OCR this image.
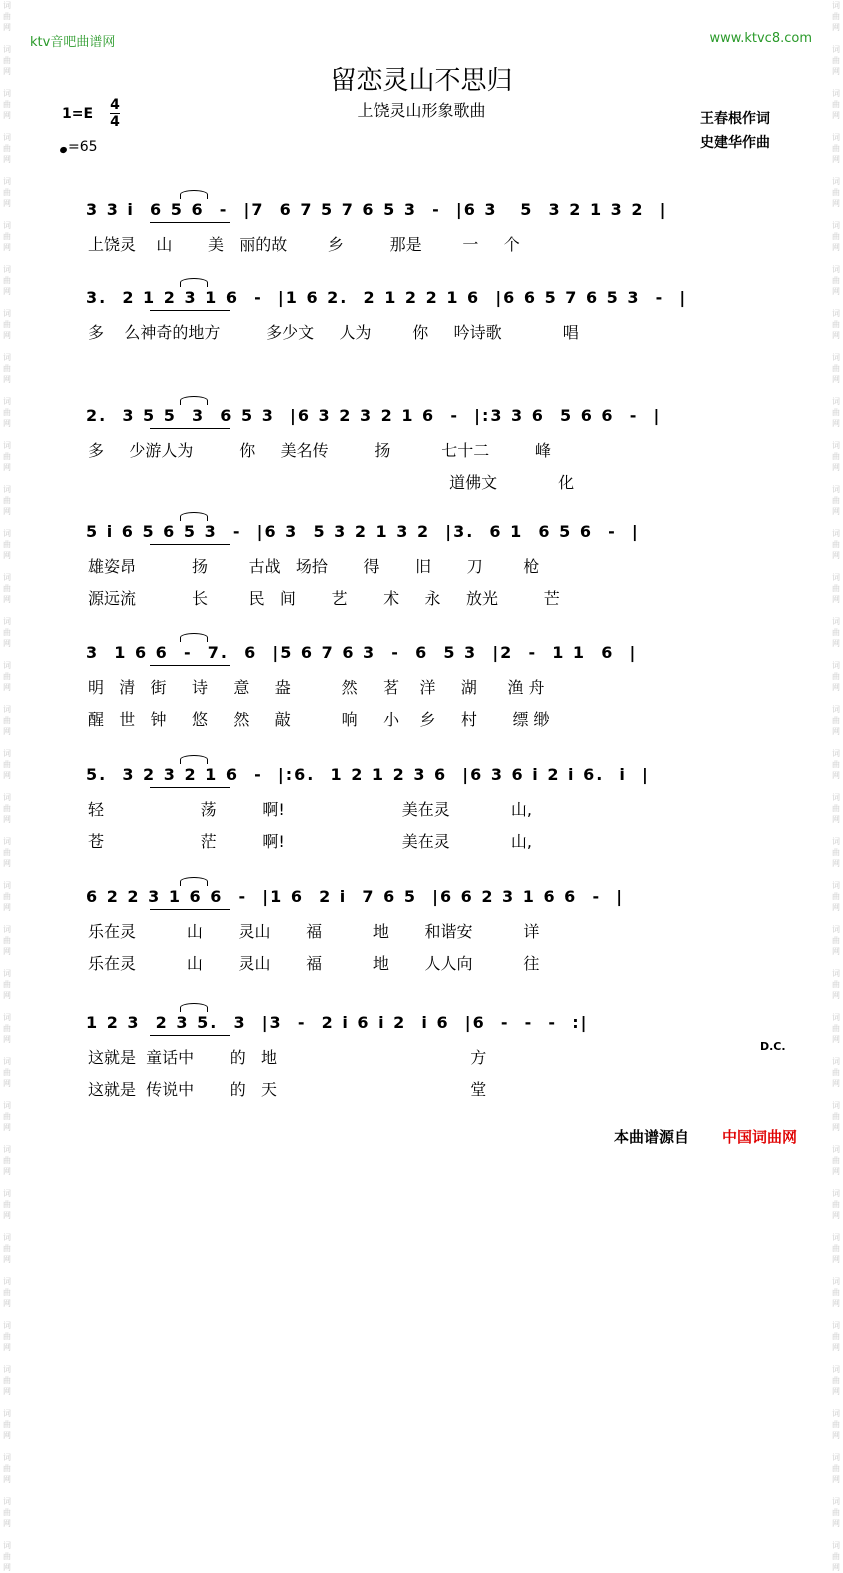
词
曲
网

词
曲
网

词
曲
网

词
曲
网

词
曲
网

词
曲
网

词
曲
网

词
曲
网

词
曲
网

词
曲
网

词
曲
网

词
曲
网

词
曲
网

词
曲
网

词
曲
网

词
曲
网

词
曲
网

词
曲
网

词
曲
网

词
曲
网

词
曲
网

词
曲
网

词
曲
网

词
曲
网

词
曲
网

词
曲
网

词
曲
网

词
曲
网

词
曲
网

词
曲
网

词
曲
网

词
曲
网

词
曲
网

词
曲
网

词
曲
网

词
曲
网

词
曲
网

词
曲
网

词
曲
网

词
曲
网

词
曲
网

词
曲
网

词
曲
网

词
曲
网

词
曲
网

词
曲
网

词
曲
网

词
曲
网

词
曲
网

词
曲
网

词
曲
网

词
曲
网

词
曲
网

词
曲
网

词
曲
网

词
曲
网

词
曲
网

词
曲
网

词
曲
网

词
曲
网

词
曲
网

词
曲
网

词
曲
网

词
曲
网

词
曲
网

词
曲
网

词
曲
网

词
曲
网

词
曲
网

词
曲
网

词
曲
网

词
曲
网

ktv音吧曲谱网	www.ktvc8.com
留恋灵山不思归
上饶灵山形象歌曲
1=E
4
4
=65
王春根作词
史建华作曲
3 3 i  6 5 6  -  |7  6 7 5 7 6 5 3  -  |6 3   5  3 2 1 3 2  |
上饶灵    山       美   丽的故        乡         那是        一     个
3.  2 1 2 3 1 6  -  |1 6 2.  2 1 2 2 1 6  |6 6 5 7 6 5 3  -  |
多    么神奇的地方         多少文     人为        你     吟诗歌            唱
2.  3 5 5  3  6 5 3  |6 3 2 3 2 1 6  -  |:3 3 6  5 6 6  -  |
多     少游人为         你     美名传         扬          七十二         峰
道佛文            化
5 i 6 5 6 5 3  -  |6 3  5 3 2 1 3 2  |3.  6 1  6 5 6  -  |
雄姿昂           扬        古战   场拾       得       旧       刀        枪
源远流           长        民   间       艺       术     永     放光         芒
3  1 6 6  -  7.  6  |5 6 7 6 3  -  6  5 3  |2  -  1 1  6  |
明   清   街     诗     意     盎          然     茗    洋     湖      渔 舟
醒   世   钟     悠     然     敲          响     小    乡     村       缥 缈
5.  3 2 3 2 1 6  -  |:6.  1 2 1 2 3 6  |6 3 6 i 2 i 6.  i  |
轻                   荡         啊!                       美在灵            山,
苍                   茫         啊!                       美在灵            山,
6 2 2 3 1 6 6  -  |1 6  2 i  7 6 5  |6 6 2 3 1 6 6  -  |
乐在灵          山       灵山       福          地       和谐安          详
乐在灵          山       灵山       福          地       人人向          往
1 2 3  2 3 5.  3  |3  -  2 i 6 i 2  i 6  |6  -  -  -  :|
这就是  童话中       的   地                                      方
这就是  传说中       的   天                                      堂
D.C.
本曲谱源自 中国词曲网
